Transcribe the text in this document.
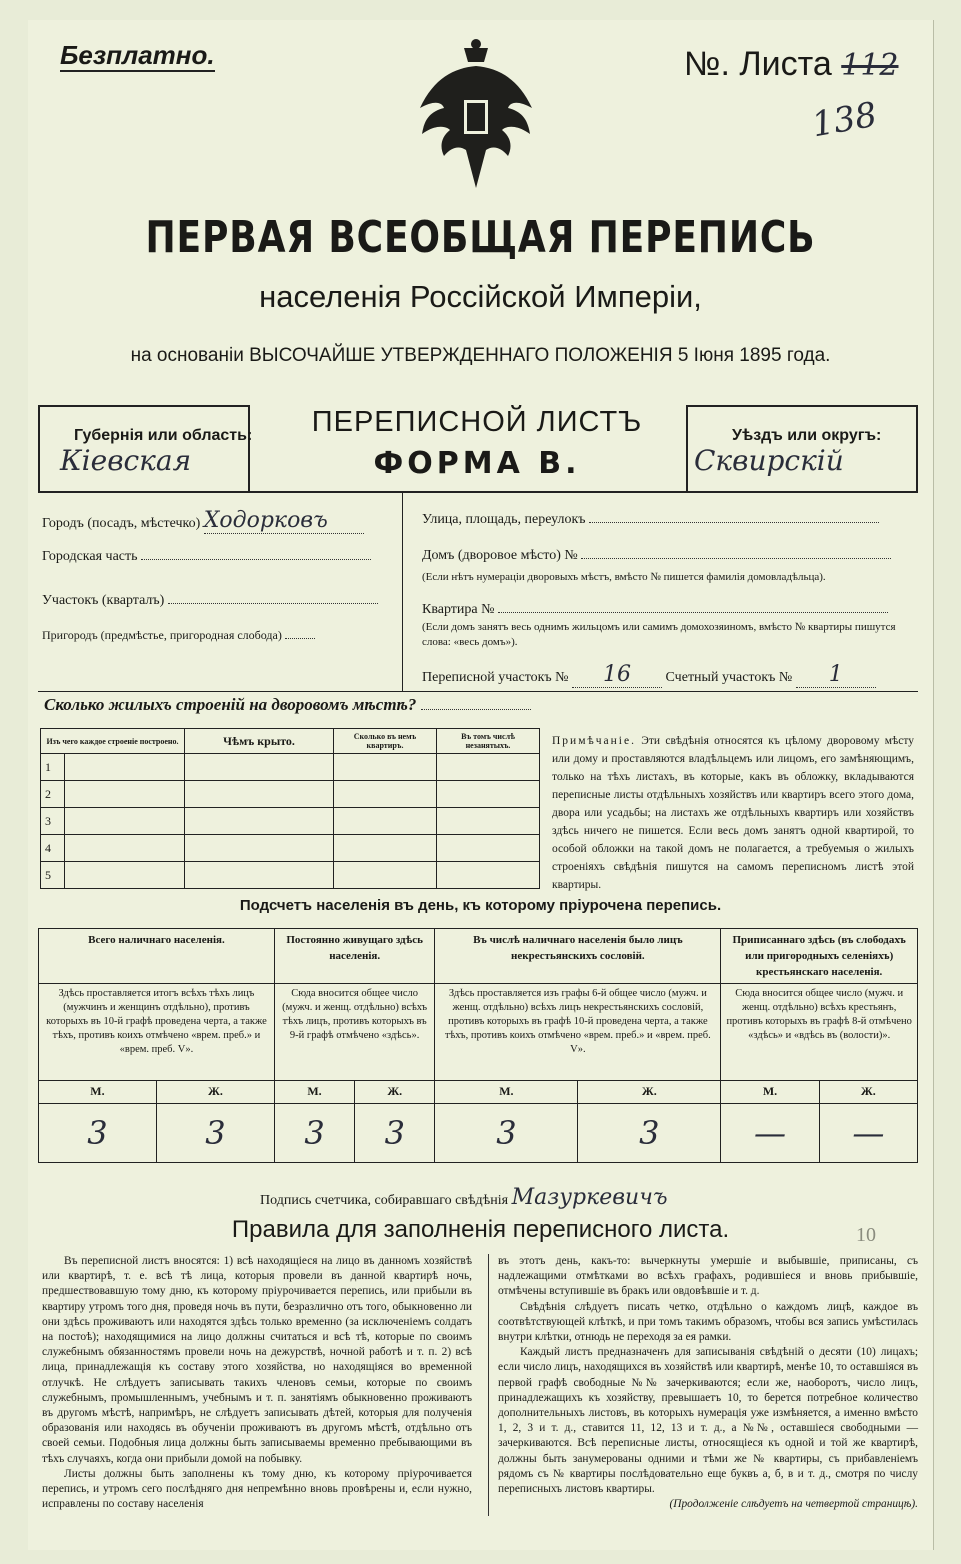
Безплатно.	№. Листа 112
138
ПЕРВАЯ ВСЕОБЩАЯ ПЕРЕПИСЬ
населенія Россійской Имперіи,
на основаніи ВЫСОЧАЙШЕ УТВЕРЖДЕННАГО ПОЛОЖЕНІЯ 5 Іюня 1895 года.
Губернія или область:
Кіевская
ПЕРЕПИСНОЙ ЛИСТЪ
ФОРМА В.
Уѣздъ или округъ:
Сквирскій
Городъ (посадъ, мѣстечко) Ходорковъ
Городская часть
Участокъ (кварталъ)
Пригородъ (предмѣстье, пригородная слобода)
Улица, площадь, переулокъ
Домъ (дворовое мѣсто) №
(Если нѣтъ нумераціи дворовыхъ мѣстъ, вмѣсто № пишется фамилія домовладѣльца).
Квартира №
(Если домъ занятъ весь однимъ жильцомъ или самимъ домохозяиномъ, вмѣсто № квартиры пишутся слова: «весь домъ»).
Переписной участокъ № 16 Счетный участокъ № 1
Сколько жилыхъ строеній на дворовомъ мѣстѣ?
Изъ чего каждое строеніе построено.		Чѣмъ крыто.	Сколько въ немъ квартиръ.	Въ томъ числѣ незанятыхъ.
1				
2				
3				
4				
5				
Примѣчаніе. Эти свѣдѣнія относятся къ цѣлому дворовому мѣсту или дому и проставляются владѣльцемъ или лицомъ, его замѣняющимъ, только на тѣхъ листахъ, въ которые, какъ въ обложку, вкладываются переписные листы отдѣльныхъ хозяйствъ или квартиръ всего этого дома, двора или усадьбы; на листахъ же отдѣльныхъ квартиръ или хозяйствъ здѣсь ничего не пишется. Если весь домъ занятъ одной квартирой, то особой обложки на такой домъ не полагается, а требуемыя о жилыхъ строеніяхъ свѣдѣнія пишутся на самомъ переписномъ листѣ этой квартиры.
Подсчетъ населенія въ день, къ которому пріурочена перепись.
Всего наличнаго населенія.		Постоянно живущаго здѣсь населенія.		Въ числѣ наличнаго населенія было лицъ некрестьянскихъ сословій.		Приписаннаго здѣсь (въ слободахъ или пригородныхъ селеніяхъ) крестьянскаго населенія.	
Здѣсь проставляется итогъ всѣхъ тѣхъ лицъ (мужчинъ и женщинъ отдѣльно), противъ которыхъ въ 10-й графѣ проведена черта, а также тѣхъ, противъ коихъ отмѣчено «врем. преб.» и «врем. преб. V».		Сюда вносится общее число (мужч. и женщ. отдѣльно) всѣхъ тѣхъ лицъ, противъ которыхъ въ 9-й графѣ отмѣчено «здѣсь».		Здѣсь проставляется изъ графы 6-й общее число (мужч. и женщ. отдѣльно) всѣхъ лицъ некрестьянскихъ сословій, противъ которыхъ въ графѣ 10-й проведена черта, а также тѣхъ, противъ коихъ отмѣчено «врем. преб.» и «врем. преб. V».		Сюда вносится общее число (мужч. и женщ. отдѣльно) всѣхъ крестьянъ, противъ которыхъ въ графѣ 8-й отмѣчено «здѣсь» и «вдѣсь въ (волости)».	
М.	Ж.	М.	Ж.	М.	Ж.	М.	Ж.
3	3	3	3	3	3	—	—
Подпись счетчика, собиравшаго свѣдѣнія Мазуркевичъ
Правила для заполненія переписного листа.	10

Въ переписной листъ вносятся: 1) всѣ находящіеся на лицо въ данномъ хозяйствѣ или квартирѣ, т. е. всѣ тѣ лица, которыя провели въ данной квартирѣ ночь, предшествовавшую тому дню, къ которому пріурочивается перепись, или прибыли въ квартиру утромъ того дня, проведя ночь въ пути, безразлично отъ того, обыкновенно ли они здѣсь проживаютъ или находятся здѣсь только временно (за исключеніемъ солдатъ на постоѣ); находящимися на лицо должны считаться и всѣ тѣ, которые по своимъ служебнымъ обязанностямъ провели ночь на дежурствѣ, ночной работѣ и т. п. 2) всѣ лица, принадлежащія къ составу этого хозяйства, но находящіяся во временной отлучкѣ. Не слѣдуетъ записывать такихъ членовъ семьи, которые по своимъ служебнымъ, промышленнымъ, учебнымъ и т. п. занятіямъ обыкновенно проживаютъ въ другомъ мѣстѣ, напримѣръ, не слѣдуетъ записывать дѣтей, которыя для полученія образованія или находясь въ обученіи проживаютъ въ другомъ мѣстѣ, отдѣльно отъ своей семьи. Подобныя лица должны быть записываемы временно пребывающими въ тѣхъ случаяхъ, когда они прибыли домой на побывку.

Листы должны быть заполнены къ тому дню, къ которому пріурочивается перепись, и утромъ сего послѣдняго дня непремѣнно вновь провѣрены и, если нужно, исправлены по составу населенія

въ этотъ день, какъ-то: вычеркнуты умершіе и выбывшіе, приписаны, съ надлежащими отмѣтками во всѣхъ графахъ, родившіеся и вновь прибывшіе, отмѣчены вступившіе въ бракъ или овдовѣвшіе и т. д.

Свѣдѣнія слѣдуетъ писать четко, отдѣльно о каждомъ лицѣ, каждое въ соотвѣтствующей клѣткѣ, и при томъ такимъ образомъ, чтобы вся запись умѣстилась внутри клѣтки, отнюдь не переходя за ея рамки.

Каждый листъ предназначенъ для записыванія свѣдѣній о десяти (10) лицахъ; если число лицъ, находящихся въ хозяйствѣ или квартирѣ, менѣе 10, то оставшіяся въ первой графѣ свободные №№ зачеркиваются; если же, наоборотъ, число лицъ, принадлежащихъ къ хозяйству, превышаетъ 10, то берется потребное количество дополнительныхъ листовъ, въ которыхъ нумерація уже измѣняется, а именно вмѣсто 1, 2, 3 и т. д., ставится 11, 12, 13 и т. д., а №№, оставшіеся свободными — зачеркиваются. Всѣ переписные листы, относящіеся къ одной и той же квартирѣ, должны быть занумерованы одними и тѣми же № квартиры, съ прибавленіемъ рядомъ съ № квартиры послѣдовательно еще буквъ а, б, в и т. д., смотря по числу переписныхъ листовъ квартиры.

(Продолженіе слѣдуетъ на четвертой страницѣ).
